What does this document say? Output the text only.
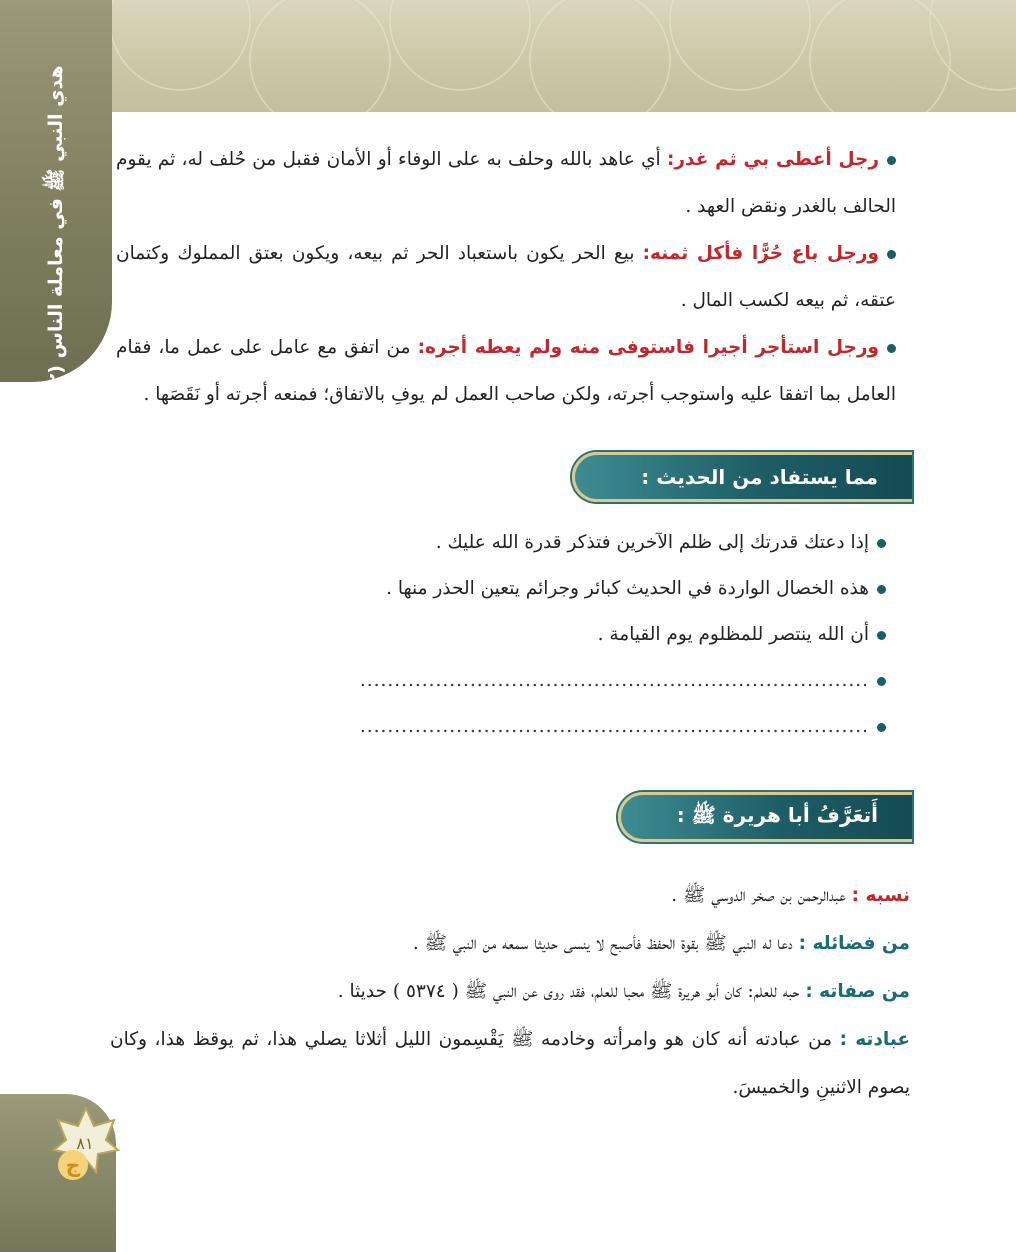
هدي النبي ﷺ في معاملة الناس (٢)	رجل أعطى بي ثم غدر: أي عاهد بالله وحلف به على الوفاء أو الأمان فقبل من حُلف له، ثم يقوم الحالف بالغدر ونقض العهد .
ورجل باع حُرًّا فأكل ثمنه: بيع الحر يكون باستعباد الحر ثم بيعه، ويكون بعتق المملوك وكتمان عتقه، ثم بيعه لكسب المال .
ورجل استأجر أجيرا فاستوفى منه ولم يعطه أجره: من اتفق مع عامل على عمل ما، فقام العامل بما اتفقا عليه واستوجب أجرته، ولكن صاحب العمل لم يوفِ بالاتفاق؛ فمنعه أجرته أو نَقَصَها .
مما يستفاد من الحديث :
إذا دعتك قدرتك إلى ظلم الآخرين فتذكر قدرة الله عليك .
هذه الخصال الواردة في الحديث كبائر وجرائم يتعين الحذر منها .
أن الله ينتصر للمظلوم يوم القيامة .
..........................................................................
..........................................................................
أَتعَرَّفُ أبا هريرة ﷺ :
نسبه : عبدالرحمن بن صخر الدوسي ﷺ .
من فضائله : دعا له النبي ﷺ بقوة الحفظ فأصبح لا ينسى حديثا سمعه من النبي ﷺ .
من صفاته : حبه للعلم: كان أبو هريرة ﷺ محبا للعلم، فقد روى عن النبي ﷺ ( ٥٣٧٤ ) حديثا .
عبادته : من عبادته أنه كان هو وامرأته وخادمه ﷺ يَقْسِمون الليل أثلاثا يصلي هذا، ثم يوقظ هذا، وكان يصوم الاثنينِ والخميسَ.
٨١
ج
